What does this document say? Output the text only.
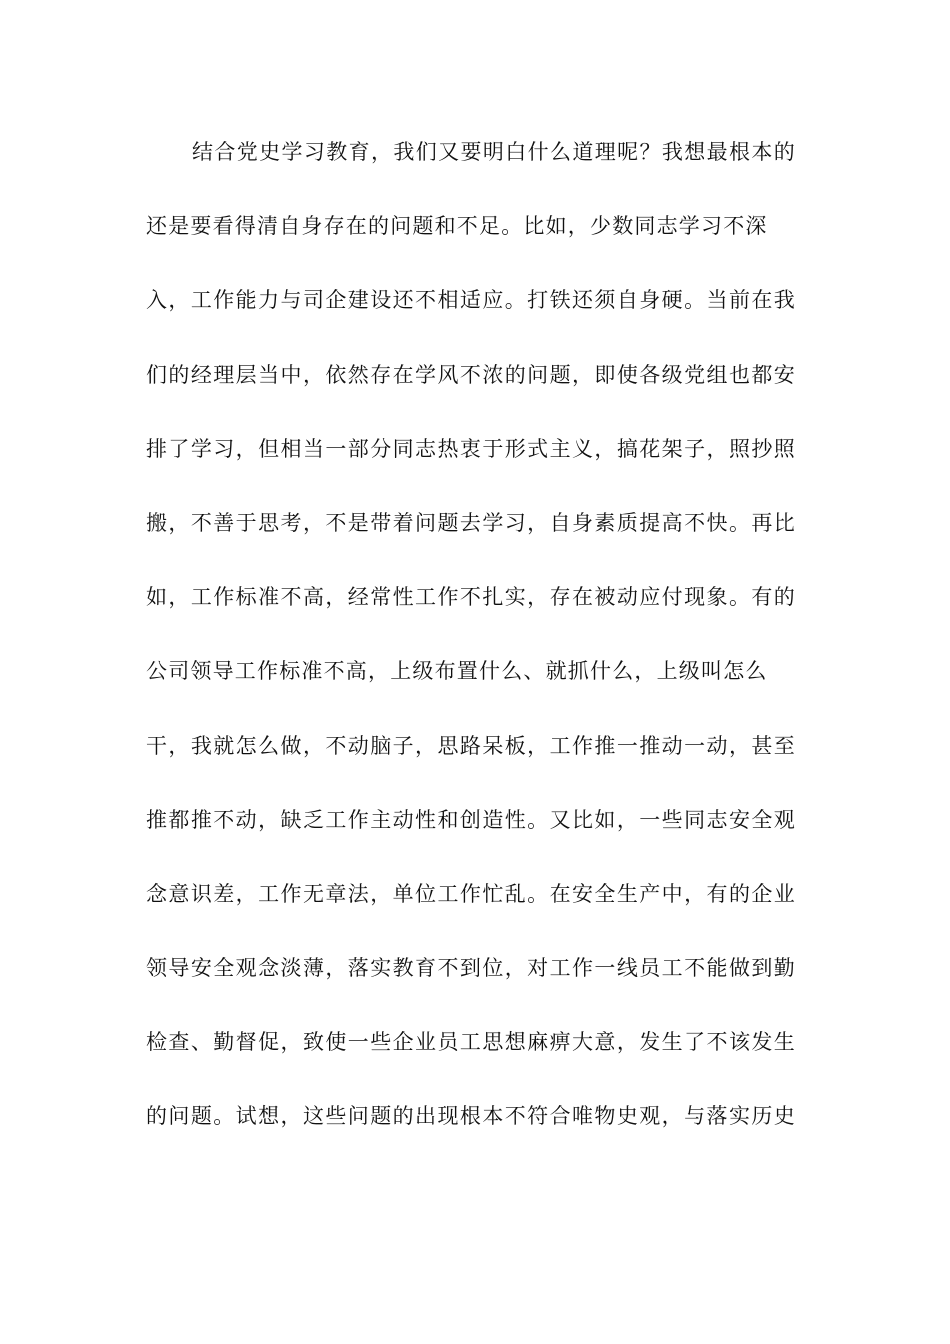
结合党史学习教育，我们又要明白什么道理呢？我想最根本的
还是要看得清自身存在的问题和不足。比如，少数同志学习不深
入，工作能力与司企建设还不相适应。打铁还须自身硬。当前在我
们的经理层当中，依然存在学风不浓的问题，即使各级党组也都安
排了学习，但相当一部分同志热衷于形式主义，搞花架子，照抄照
搬，不善于思考，不是带着问题去学习，自身素质提高不快。再比
如，工作标准不高，经常性工作不扎实，存在被动应付现象。有的
公司领导工作标准不高，上级布置什么、就抓什么，上级叫怎么
干，我就怎么做，不动脑子，思路呆板，工作推一推动一动，甚至
推都推不动，缺乏工作主动性和创造性。又比如，一些同志安全观
念意识差，工作无章法，单位工作忙乱。在安全生产中，有的企业
领导安全观念淡薄，落实教育不到位，对工作一线员工不能做到勤
检查、勤督促，致使一些企业员工思想麻痹大意，发生了不该发生
的问题。试想，这些问题的出现根本不符合唯物史观，与落实历史
